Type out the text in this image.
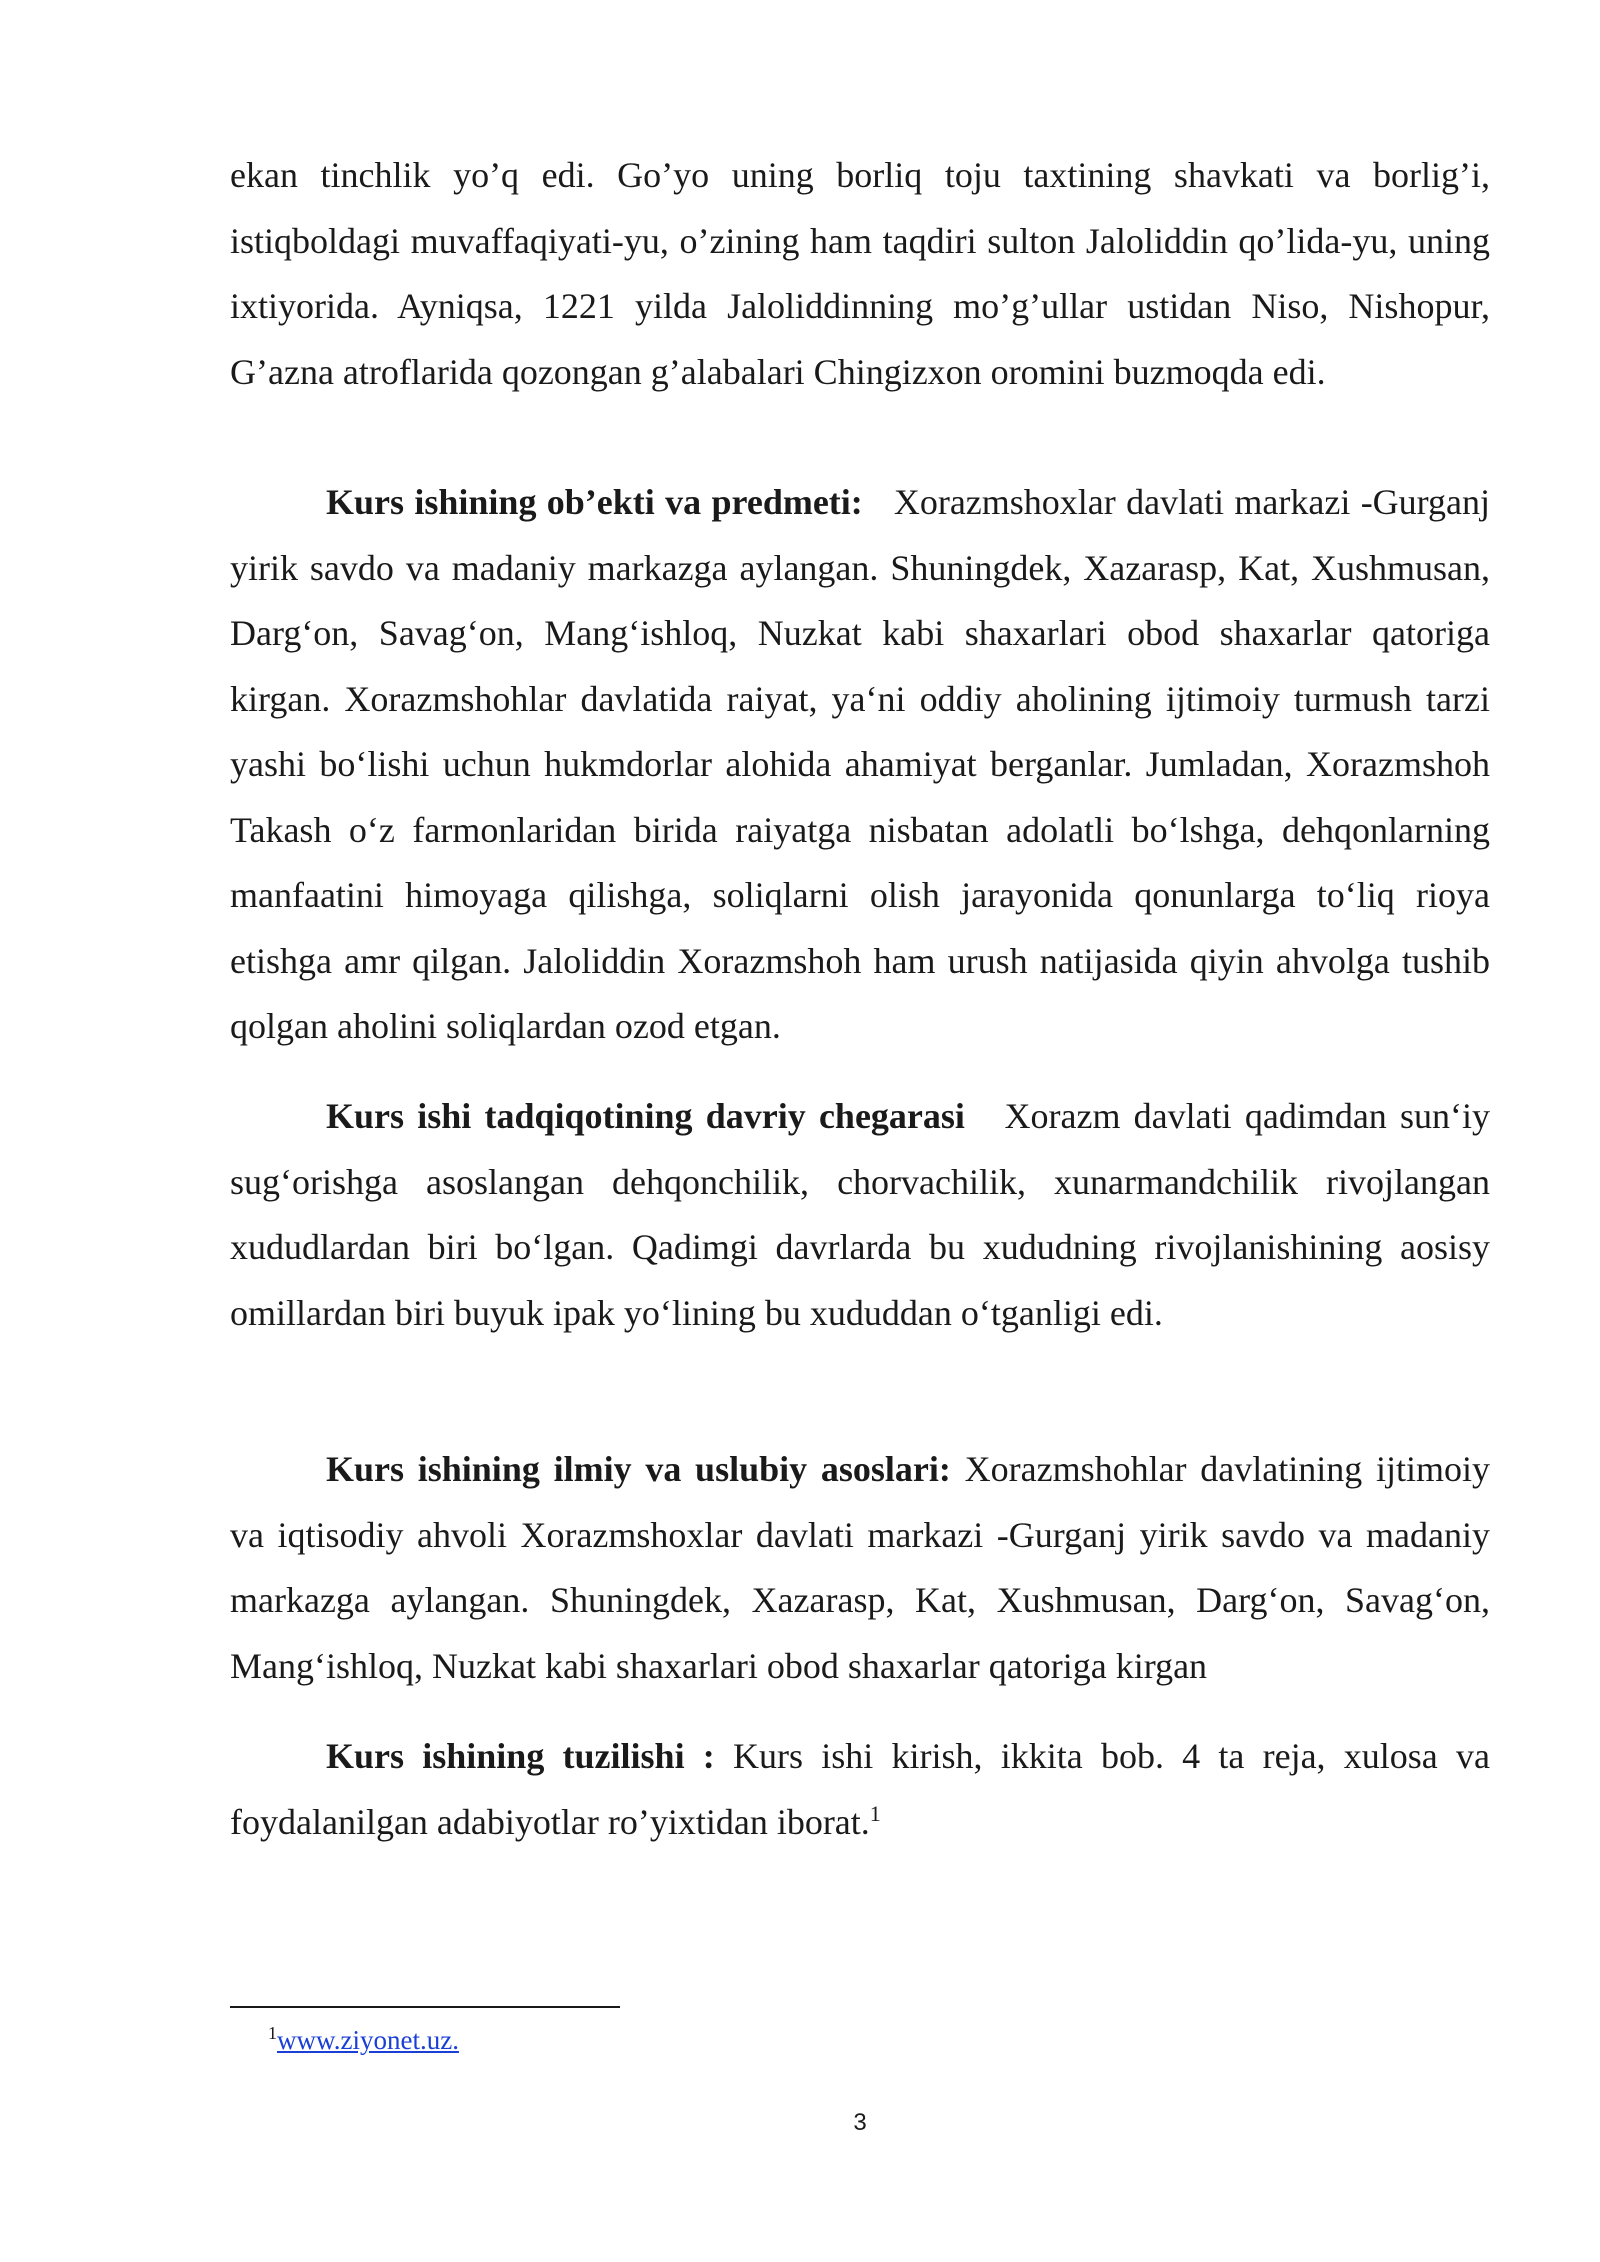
ekan tinchlik yo’q edi. Go’yo uning borliq toju taxtining shavkati va borlig’i, istiqboldagi muvaffaqiyati-yu, o’zining ham taqdiri sulton Jaloliddin qo’lida-yu, uning ixtiyorida. Ayniqsa, 1221 yilda Jaloliddinning mo’g’ullar ustidan Niso, Nishopur, G’azna atroflarida qozongan g’alabalari Chingizxon oromini buzmoqda edi.

Kurs ishining ob’ekti va predmeti: Xorazmshoxlar davlati markazi -Gurganj yirik savdo va madaniy markazga aylangan. Shuningdek, Xazarasp, Kat, Xushmusan, Darg‘on, Savag‘on, Mang‘ishloq, Nuzkat kabi shaxarlari obod shaxarlar qatoriga kirgan. Xorazmshohlar davlatida raiyat, ya‘ni oddiy aholining ijtimoiy turmush tarzi yashi bo‘lishi uchun hukmdorlar alohida ahamiyat berganlar. Jumladan, Xorazmshoh Takash o‘z farmonlaridan birida raiyatga nisbatan adolatli bo‘lshga, dehqonlarning manfaatini himoyaga qilishga, soliqlarni olish jarayonida qonunlarga to‘liq rioya etishga amr qilgan. Jaloliddin Xorazmshoh ham urush natijasida qiyin ahvolga tushib qolgan aholini soliqlardan ozod etgan.

Kurs ishi tadqiqotining davriy chegarasi Xorazm davlati qadimdan sun‘iy sug‘orishga asoslangan dehqonchilik, chorvachilik, xunarmandchilik rivojlangan xududlardan biri bo‘lgan. Qadimgi davrlarda bu xududning rivojlanishining aosisy omillardan biri buyuk ipak yo‘lining bu xududdan o‘tganligi edi.

Kurs ishining ilmiy va uslubiy asoslari: Xorazmshohlar davlatining ijtimoiy va iqtisodiy ahvoli Xorazmshoxlar davlati markazi -Gurganj yirik savdo va madaniy markazga aylangan. Shuningdek, Xazarasp, Kat, Xushmusan, Darg‘on, Savag‘on, Mang‘ishloq, Nuzkat kabi shaxarlari obod shaxarlar qatoriga kirgan

Kurs ishining tuzilishi : Kurs ishi kirish, ikkita bob. 4 ta reja, xulosa va foydalanilgan adabiyotlar ro’yixtidan iborat.$^1$

$^1$www.ziyonet.uz.

3
